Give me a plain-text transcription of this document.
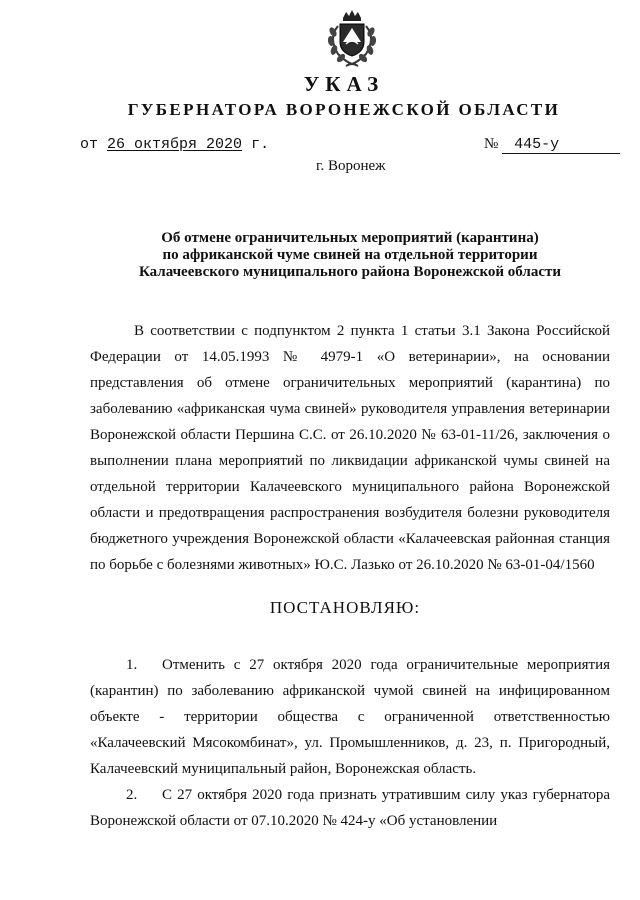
УКАЗ
ГУБЕРНАТОРА ВОРОНЕЖСКОЙ ОБЛАСТИ
от 26 октября 2020 г.	№ 445-у
г. Воронеж
Об отмене ограничительных мероприятий (карантина)
по африканской чуме свиней на отдельной территории
Калачеевского муниципального района Воронежской области
В соответствии с подпунктом 2 пункта 1 статьи 3.1 Закона Российской Федерации от 14.05.1993 № 4979-1 «О ветеринарии», на основании представления об отмене ограничительных мероприятий (карантина) по заболеванию «африканская чума свиней» руководителя управления ветеринарии Воронежской области Першина С.С. от 26.10.2020 № 63-01-11/26, заключения о выполнении плана мероприятий по ликвидации африканской чумы свиней на отдельной территории Калачеевского муниципального района Воронежской области и предотвращения распространения возбудителя болезни руководителя бюджетного учреждения Воронежской области «Калачеевская районная станция по борьбе с болезнями животных» Ю.С. Лазько от 26.10.2020 № 63-01-04/1560
ПОСТАНОВЛЯЮ:
1. Отменить с 27 октября 2020 года ограничительные мероприятия (карантин) по заболеванию африканской чумой свиней на инфицированном объекте - территории общества с ограниченной ответственностью «Калачеевский Мясокомбинат», ул. Промышленников, д. 23, п. Пригородный, Калачеевский муниципальный район, Воронежская область.
2. С 27 октября 2020 года признать утратившим силу указ губернатора Воронежской области от 07.10.2020 № 424-у «Об установлении
